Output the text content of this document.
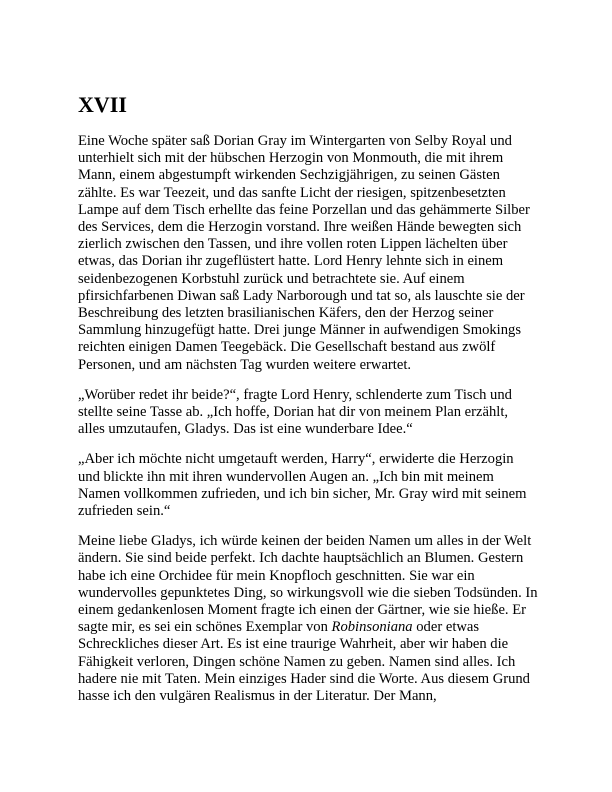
XVII

Eine Woche später saß Dorian Gray im Wintergarten von Selby Royal und unterhielt sich mit der hübschen Herzogin von Monmouth, die mit ihrem Mann, einem abgestumpft wirkenden Sechzigjährigen, zu seinen Gästen zählte. Es war Teezeit, und das sanfte Licht der riesigen, spitzenbesetzten Lampe auf dem Tisch erhellte das feine Porzellan und das gehämmerte Silber des Services, dem die Herzogin vorstand. Ihre weißen Hände bewegten sich zierlich zwischen den Tassen, und ihre vollen roten Lippen lächelten über etwas, das Dorian ihr zugeflüstert hatte. Lord Henry lehnte sich in einem seidenbezogenen Korbstuhl zurück und betrachtete sie. Auf einem pfirsichfarbenen Diwan saß Lady Narborough und tat so, als lauschte sie der Beschreibung des letzten brasilianischen Käfers, den der Herzog seiner Sammlung hinzugefügt hatte. Drei junge Männer in aufwendigen Smokings reichten einigen Damen Teegebäck. Die Gesellschaft bestand aus zwölf Personen, und am nächsten Tag wurden weitere erwartet.

„Worüber redet ihr beide?“, fragte Lord Henry, schlenderte zum Tisch und stellte seine Tasse ab. „Ich hoffe, Dorian hat dir von meinem Plan erzählt, alles umzutaufen, Gladys. Das ist eine wunderbare Idee.“

„Aber ich möchte nicht umgetauft werden, Harry“, erwiderte die Herzogin und blickte ihn mit ihren wundervollen Augen an. „Ich bin mit meinem Namen vollkommen zufrieden, und ich bin sicher, Mr. Gray wird mit seinem zufrieden sein.“

Meine liebe Gladys, ich würde keinen der beiden Namen um alles in der Welt ändern. Sie sind beide perfekt. Ich dachte hauptsächlich an Blumen. Gestern habe ich eine Orchidee für mein Knopfloch geschnitten. Sie war ein wundervolles gepunktetes Ding, so wirkungsvoll wie die sieben Todsünden. In einem gedankenlosen Moment fragte ich einen der Gärtner, wie sie hieße. Er sagte mir, es sei ein schönes Exemplar von Robinsoniana oder etwas Schreckliches dieser Art. Es ist eine traurige Wahrheit, aber wir haben die Fähigkeit verloren, Dingen schöne Namen zu geben. Namen sind alles. Ich hadere nie mit Taten. Mein einziges Hader sind die Worte. Aus diesem Grund hasse ich den vulgären Realismus in der Literatur. Der Mann,
